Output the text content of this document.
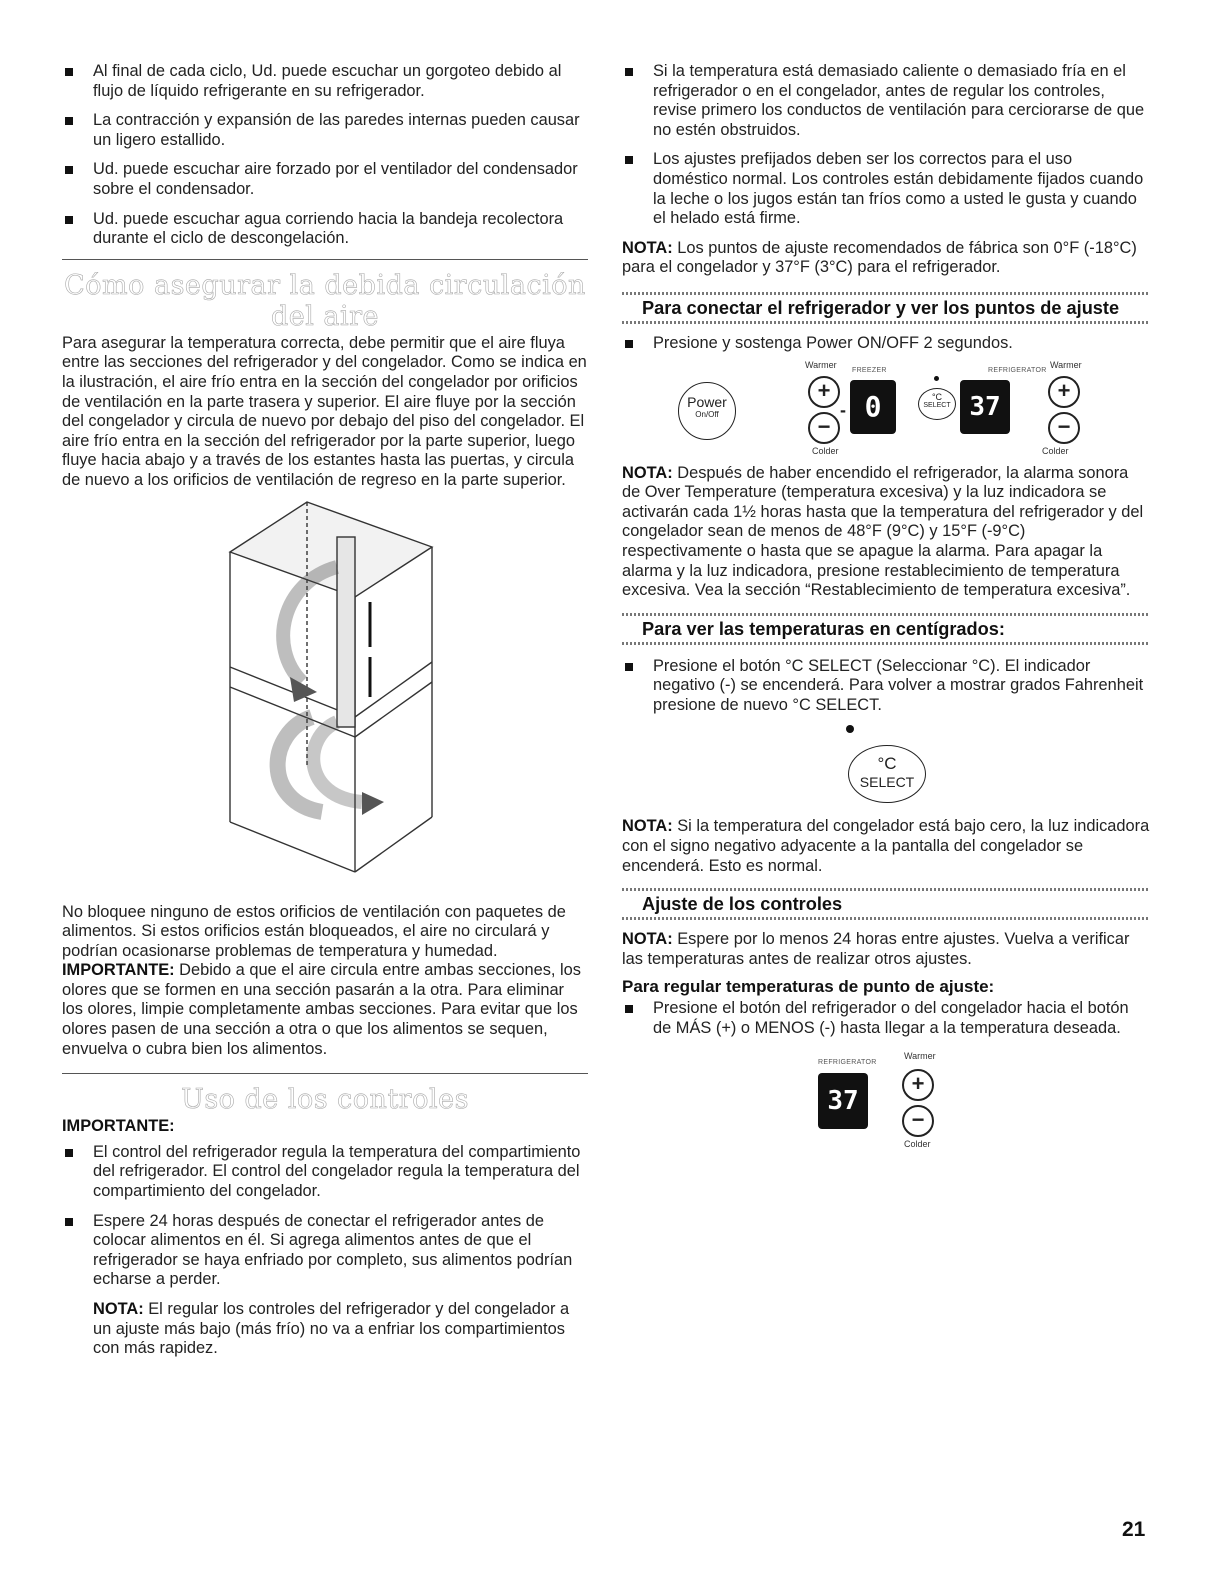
Al final de cada ciclo, Ud. puede escuchar un gorgoteo debido al flujo de líquido refrigerante en su refrigerador.
La contracción y expansión de las paredes internas pueden causar un ligero estallido.
Ud. puede escuchar aire forzado por el ventilador del condensador sobre el condensador.
Ud. puede escuchar agua corriendo hacia la bandeja recolectora durante el ciclo de descongelación.
Cómo asegurar la debida circulación del aire

Para asegurar la temperatura correcta, debe permitir que el aire fluya entre las secciones del refrigerador y del congelador. Como se indica en la ilustración, el aire frío entra en la sección del congelador por orificios de ventilación en la parte trasera y superior. El aire fluye por la sección del congelador y circula de nuevo por debajo del piso del congelador. El aire frío entra en la sección del refrigerador por la parte superior, luego fluye hacia abajo y a través de los estantes hasta las puertas, y circula de nuevo a los orificios de ventilación de regreso en la parte superior.

No bloquee ninguno de estos orificios de ventilación con paquetes de alimentos. Si estos orificios están bloqueados, el aire no circulará y podrían ocasionarse problemas de temperatura y humedad.

IMPORTANTE: Debido a que el aire circula entre ambas secciones, los olores que se formen en una sección pasarán a la otra. Para eliminar los olores, limpie completamente ambas secciones. Para evitar que los olores pasen de una sección a otra o que los alimentos se sequen, envuelva o cubra bien los alimentos.

Uso de los controles

IMPORTANTE:

El control del refrigerador regula la temperatura del compartimiento del refrigerador. El control del congelador regula la temperatura del compartimiento del congelador.
Espere 24 horas después de conectar el refrigerador antes de colocar alimentos en él. Si agrega alimentos antes de que el refrigerador se haya enfriado por completo, sus alimentos podrían echarse a perder.

NOTA: El regular los controles del refrigerador y del congelador a un ajuste más bajo (más frío) no va a enfriar los compartimientos con más rapidez.

Si la temperatura está demasiado caliente o demasiado fría en el refrigerador o en el congelador, antes de regular los controles, revise primero los conductos de ventilación para cerciorarse de que no estén obstruidos.
Los ajustes prefijados deben ser los correctos para el uso doméstico normal. Los controles están debidamente fijados cuando la leche o los jugos están tan fríos como a usted le gusta y cuando el helado está firme.

NOTA: Los puntos de ajuste recomendados de fábrica son 0°F (-18°C) para el congelador y 37°F (3°C) para el refrigerador.

Para conectar el refrigerador y ver los puntos de ajuste
Presione y sostenga Power ON/OFF 2 segundos.
Warmer
FREEZER	REFRIGERATOR
Warmer
Power
On/Off
+
−
- 0	°C
SELECT 37
+
−
Colder	Colder

NOTA: Después de haber encendido el refrigerador, la alarma sonora de Over Temperature (temperatura excesiva) y la luz indicadora se activarán cada 1½ horas hasta que la temperatura del refrigerador y del congelador sean de menos de 48°F (9°C) y 15°F (-9°C) respectivamente o hasta que se apague la alarma. Para apagar la alarma y la luz indicadora, presione restablecimiento de temperatura excesiva. Vea la sección “Restablecimiento de temperatura excesiva”.

Para ver las temperaturas en centígrados:
Presione el botón °C SELECT (Seleccionar °C). El indicador negativo (-) se encenderá. Para volver a mostrar grados Fahrenheit presione de nuevo °C SELECT.
°C
SELECT

NOTA: Si la temperatura del congelador está bajo cero, la luz indicadora con el signo negativo adyacente a la pantalla del congelador se encenderá. Esto es normal.

Ajuste de los controles

NOTA: Espere por lo menos 24 horas entre ajustes. Vuelva a verificar las temperaturas antes de realizar otros ajustes.

Para regular temperaturas de punto de ajuste:
Presione el botón del refrigerador o del congelador hacia el botón de MÁS (+) o MENOS (-) hasta llegar a la temperatura deseada.
REFRIGERATOR
Warmer
37
+
−
Colder
21
